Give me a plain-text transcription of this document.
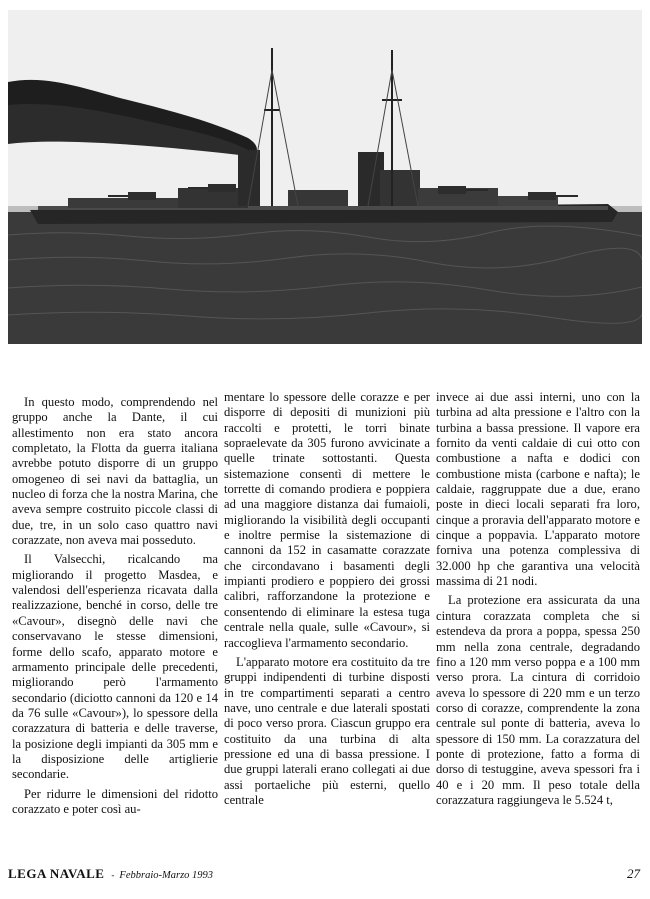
In questo modo, comprendendo nel gruppo anche la Dante, il cui allestimento non era stato ancora completato, la Flotta da guerra italiana avrebbe potuto disporre di un gruppo omogeneo di sei navi da battaglia, un nucleo di forza che la nostra Marina, che aveva sempre costruito piccole classi di due, tre, in un solo caso quattro navi corazzate, non aveva mai posseduto.

Il Valsecchi, ricalcando ma migliorando il progetto Masdea, e valendosi dell'esperienza ricavata dalla realizzazione, benché in corso, delle tre «Cavour», disegnò delle navi che conservavano le stesse dimensioni, forme dello scafo, apparato motore e armamento principale delle precedenti, migliorando però l'armamento secondario (diciotto cannoni da 120 e 14 da 76 sulle «Cavour»), lo spessore della corazzatura di batteria e delle traverse, la posizione degli impianti da 305 mm e la disposizione delle artiglierie secondarie.

Per ridurre le dimensioni del ridotto corazzato e poter così au-

mentare lo spessore delle corazze e per disporre di depositi di munizioni più raccolti e protetti, le torri binate sopraelevate da 305 furono avvicinate a quelle trinate sottostanti. Questa sistemazione consentì di mettere le torrette di comando prodiera e poppiera ad una maggiore distanza dai fumaioli, migliorando la visibilità degli occupanti e inoltre permise la sistemazione di cannoni da 152 in casamatte corazzate che circondavano i basamenti degli impianti prodiero e poppiero dei grossi calibri, rafforzandone la protezione e consentendo di eliminare la estesa tuga centrale nella quale, sulle «Cavour», si raccoglieva l'armamento secondario.

L'apparato motore era costituito da tre gruppi indipendenti di turbine disposti in tre compartimenti separati a centro nave, uno centrale e due laterali spostati di poco verso prora. Ciascun gruppo era costituito da una turbina di alta pressione ed una di bassa pressione. I due gruppi laterali erano collegati ai due assi portaeliche più esterni, quello centrale

invece ai due assi interni, uno con la turbina ad alta pressione e l'altro con la turbina a bassa pressione. Il vapore era fornito da venti caldaie di cui otto con combustione a nafta e dodici con combustione mista (carbone e nafta); le caldaie, raggruppate due a due, erano poste in dieci locali separati fra loro, cinque a proravia dell'apparato motore e cinque a poppavia. L'apparato motore forniva una potenza complessiva di 32.000 hp che garantiva una velocità massima di 21 nodi.

La protezione era assicurata da una cintura corazzata completa che si estendeva da prora a poppa, spessa 250 mm nella zona centrale, degradando fino a 120 mm verso poppa e a 100 mm verso prora. La cintura di corridoio aveva lo spessore di 220 mm e un terzo corso di corazze, comprendente la zona centrale sul ponte di batteria, aveva lo spessore di 150 mm. La corazzatura del ponte di protezione, fatto a forma di dorso di testuggine, aveva spessori fra i 40 e i 20 mm. Il peso totale della corazzatura raggiungeva le 5.524 t,

LEGA NAVALE - Febbraio-Marzo 1993	27
